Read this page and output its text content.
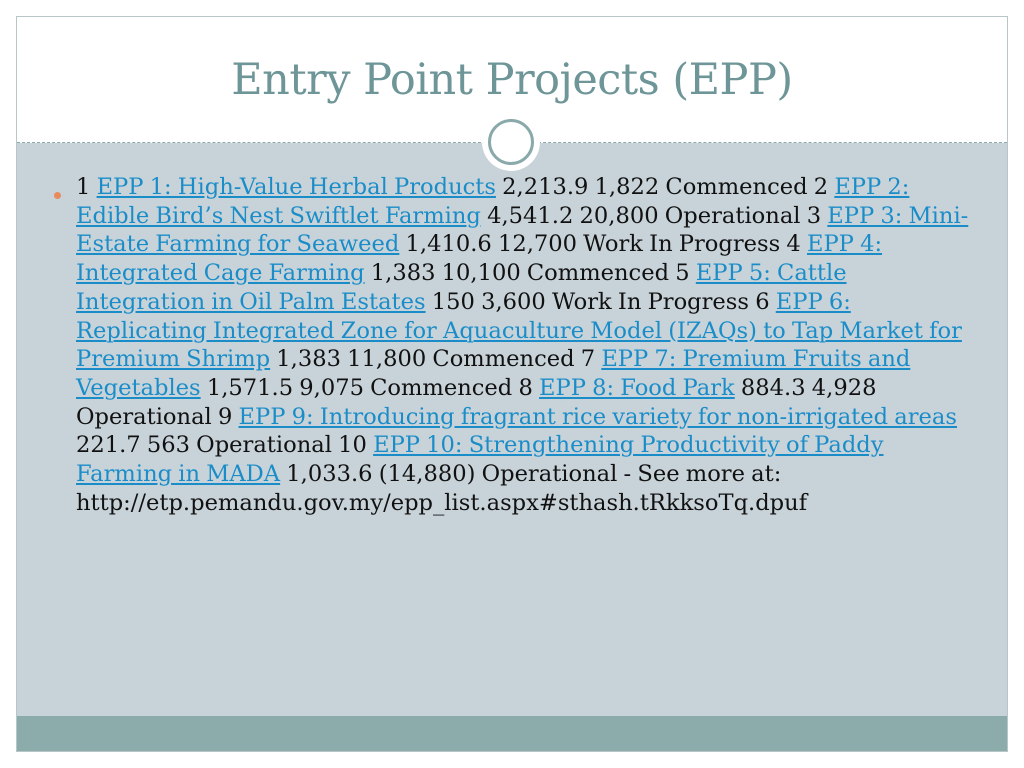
Entry Point Projects (EPP)
1 EPP 1: High-Value Herbal Products 2,213.9 1,822 Commenced 2 EPP 2: Edible Bird’s Nest Swiftlet Farming 4,541.2 20,800 Operational 3 EPP 3: Mini-Estate Farming for Seaweed 1,410.6 12,700 Work In Progress 4 EPP 4: Integrated Cage Farming 1,383 10,100 Commenced 5 EPP 5: Cattle Integration in Oil Palm Estates 150 3,600 Work In Progress 6 EPP 6: Replicating Integrated Zone for Aquaculture Model (IZAQs) to Tap Market for Premium Shrimp 1,383 11,800 Commenced 7 EPP 7: Premium Fruits and Vegetables 1,571.5 9,075 Commenced 8 EPP 8: Food Park 884.3 4,928 Operational 9 EPP 9: Introducing fragrant rice variety for non-irrigated areas 221.7 563 Operational 10 EPP 10: Strengthening Productivity of Paddy Farming in MADA 1,033.6 (14,880) Operational - See more at: http://etp.pemandu.gov.my/epp_list.aspx#sthash.tRkksoTq.dpuf
